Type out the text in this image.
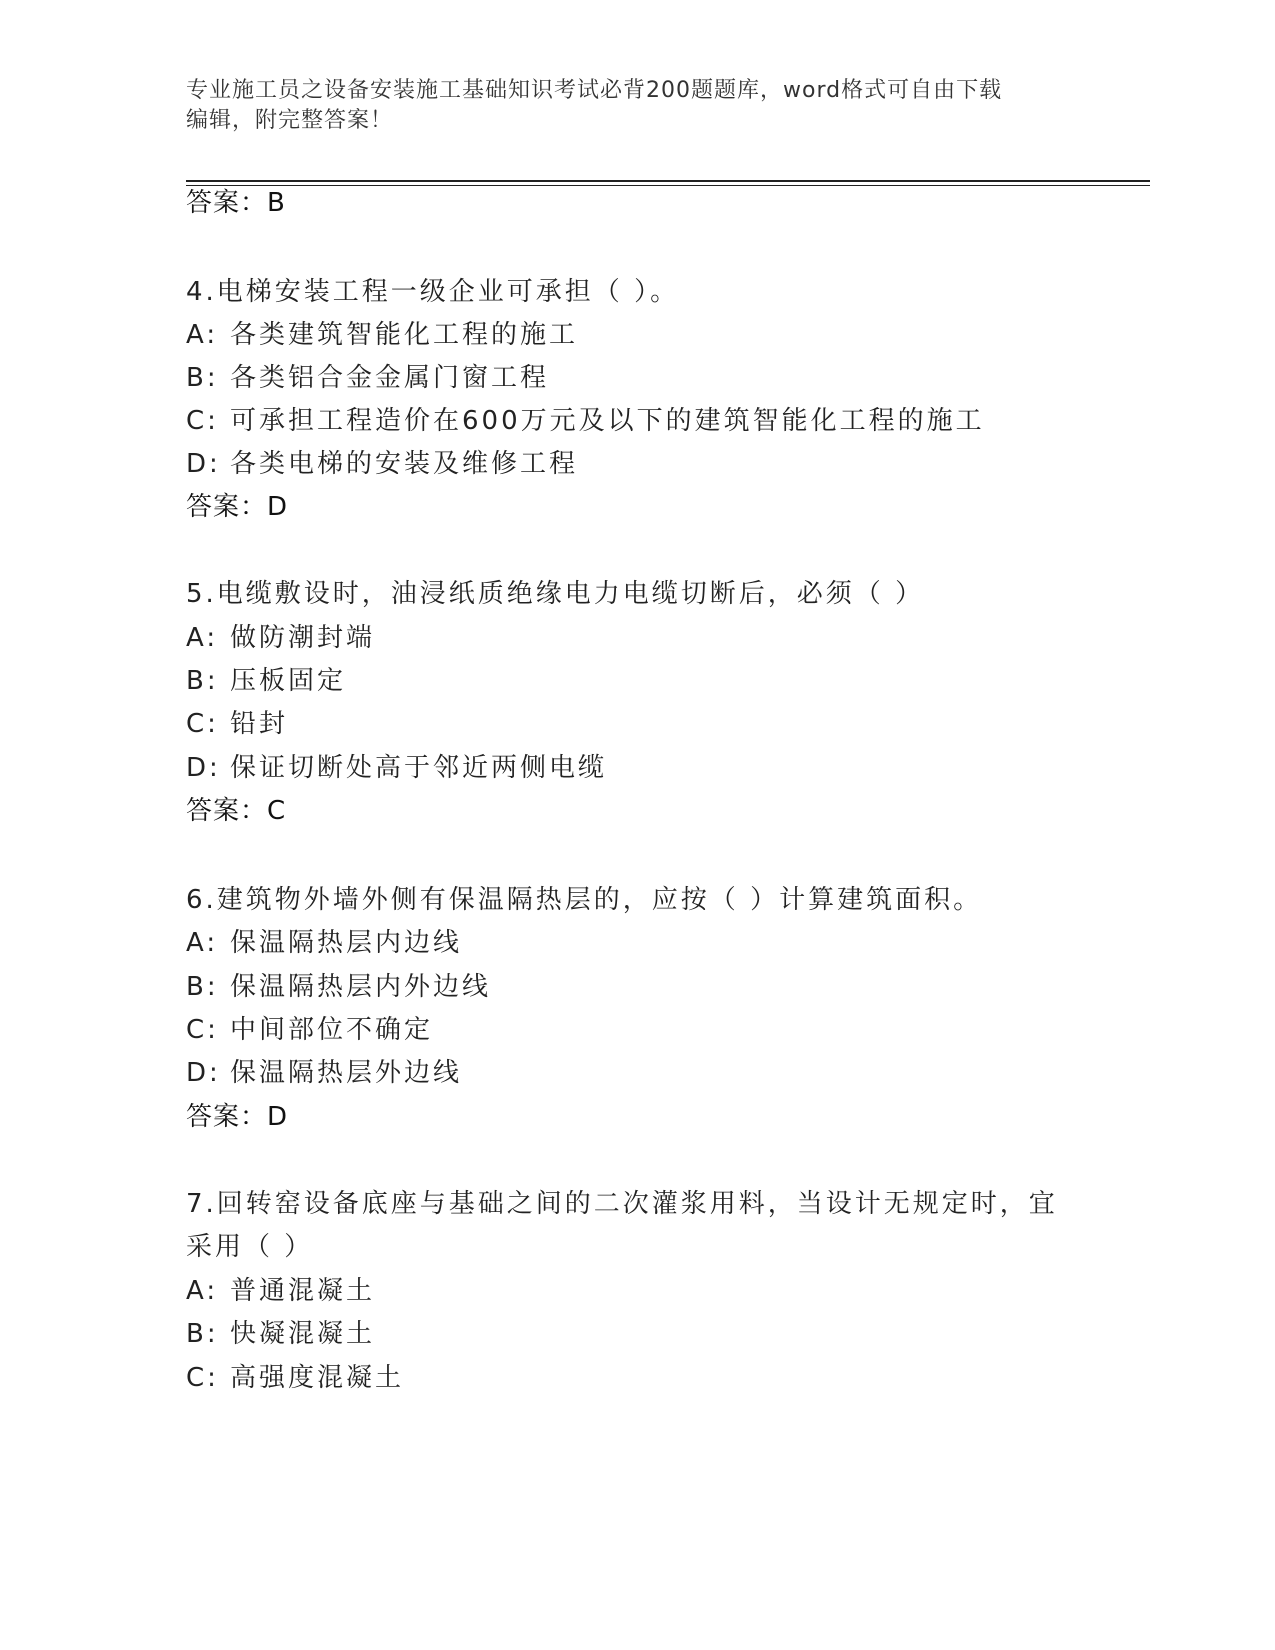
专业施工员之设备安装施工基础知识考试必背200题题库，word格式可自由下载
编辑，附完整答案！
答案：B
4.电梯安装工程一级企业可承担（ ）。
A: 各类建筑智能化工程的施工
B: 各类铝合金金属门窗工程
C: 可承担工程造价在600万元及以下的建筑智能化工程的施工
D: 各类电梯的安装及维修工程
答案：D
5.电缆敷设时，油浸纸质绝缘电力电缆切断后，必须（ ）
A: 做防潮封端
B: 压板固定
C: 铅封
D: 保证切断处高于邻近两侧电缆
答案：C
6.建筑物外墙外侧有保温隔热层的，应按（ ）计算建筑面积。
A: 保温隔热层内边线
B: 保温隔热层内外边线
C: 中间部位不确定
D: 保温隔热层外边线
答案：D
7.回转窑设备底座与基础之间的二次灌浆用料，当设计无规定时，宜
采用（ ）
A: 普通混凝土
B: 快凝混凝土
C: 高强度混凝土
